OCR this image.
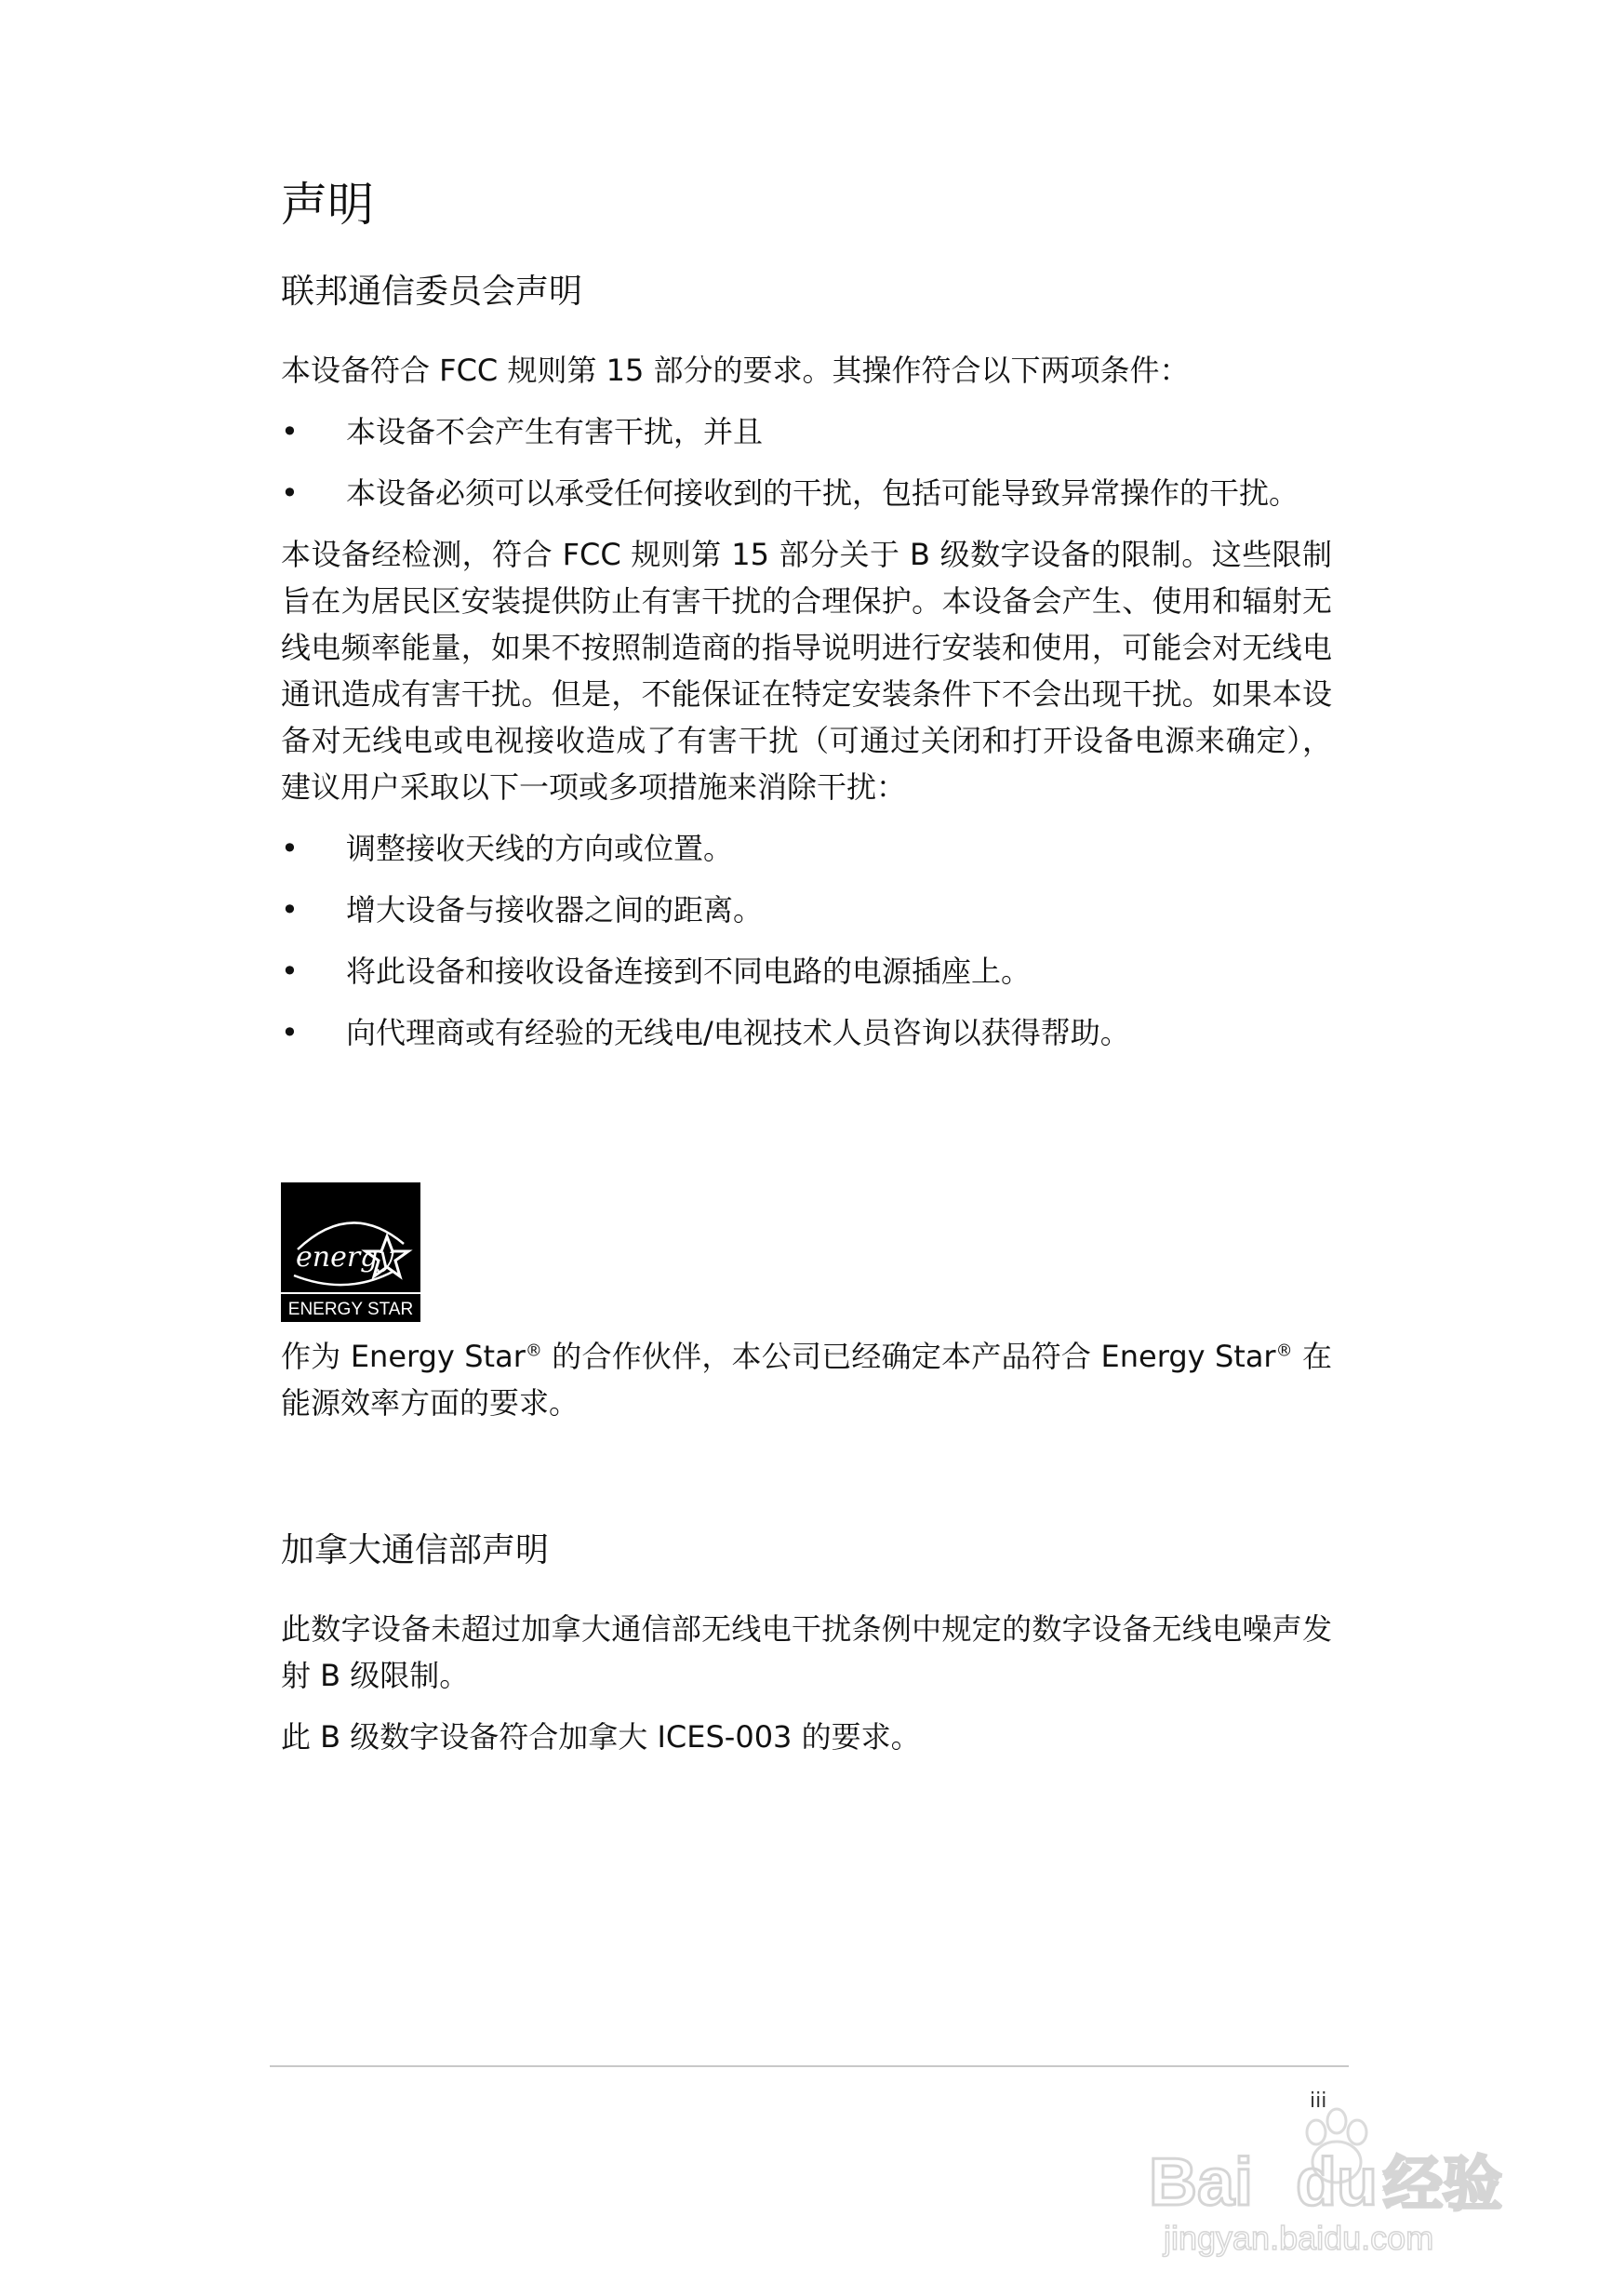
声明
联邦通信委员会声明

本设备符合 FCC 规则第 15 部分的要求。其操作符合以下两项条件：

• 本设备不会产生有害干扰，并且
• 本设备必须可以承受任何接收到的干扰，包括可能导致异常操作的干扰。

本设备经检测，符合 FCC 规则第 15 部分关于 B 级数字设备的限制。这些限制旨在为居民区安装提供防止有害干扰的合理保护。本设备会产生、使用和辐射无线电频率能量，如果不按照制造商的指导说明进行安装和使用，可能会对无线电通讯造成有害干扰。但是，不能保证在特定安装条件下不会出现干扰。如果本设备对无线电或电视接收造成了有害干扰（可通过关闭和打开设备电源来确定），建议用户采取以下一项或多项措施来消除干扰：

• 调整接收天线的方向或位置。
• 增大设备与接收器之间的距离。
• 将此设备和接收设备连接到不同电路的电源插座上。
• 向代理商或有经验的无线电/电视技术人员咨询以获得帮助。
energy
ENERGY STAR

作为 Energy Star® 的合作伙伴，本公司已经确定本产品符合 Energy Star® 在能源效率方面的要求。

加拿大通信部声明

此数字设备未超过加拿大通信部无线电干扰条例中规定的数字设备无线电噪声发射 B 级限制。

此 B 级数字设备符合加拿大 ICES-003 的要求。

iii
Bai du 经验
jingyan.baidu.com
